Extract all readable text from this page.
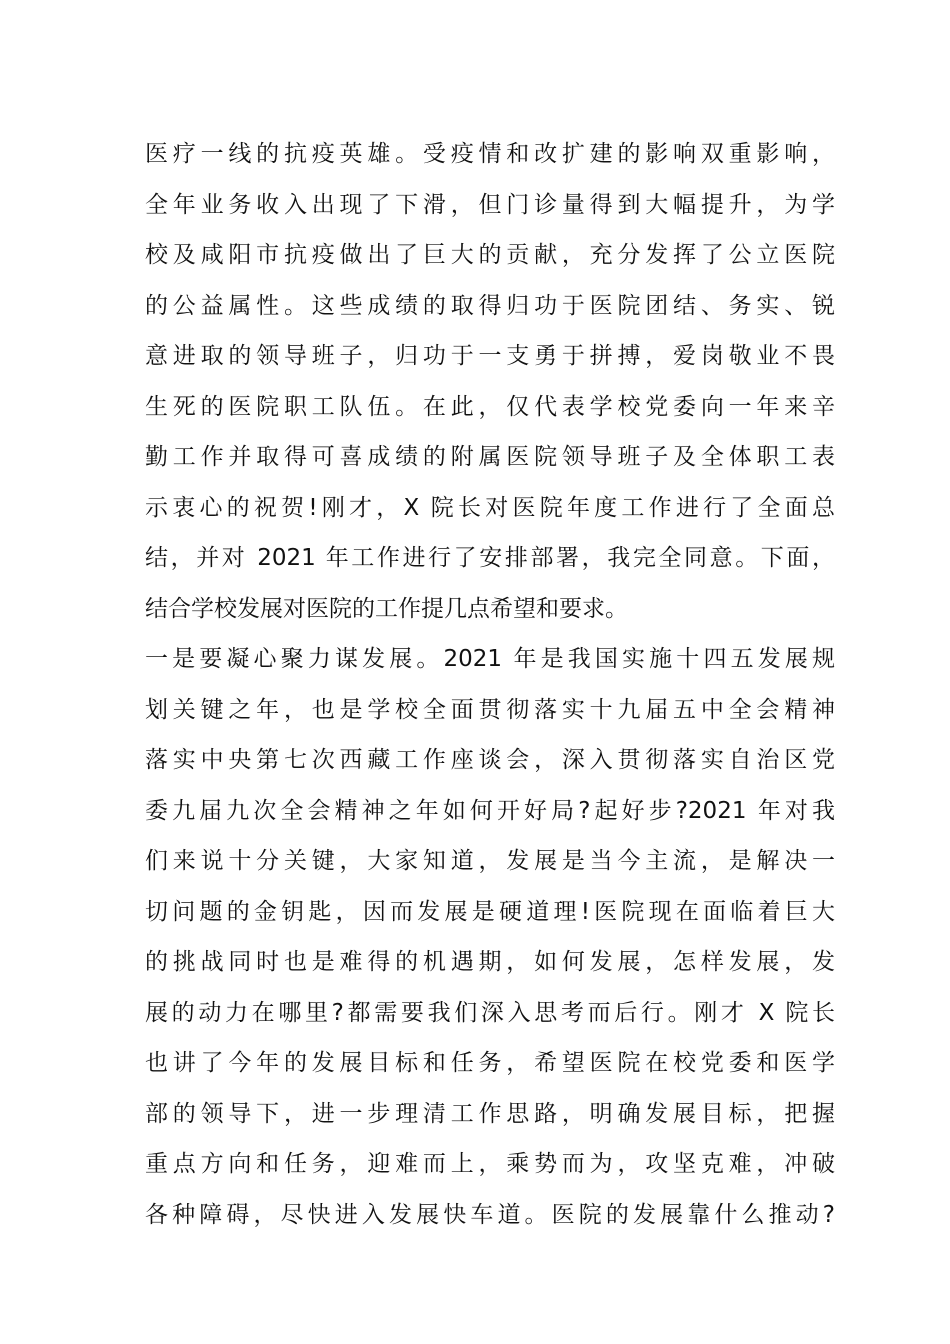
医疗一线的抗疫英雄。受疫情和改扩建的影响双重影响，
全年业务收入出现了下滑，但门诊量得到大幅提升，为学
校及咸阳市抗疫做出了巨大的贡献，充分发挥了公立医院
的公益属性。这些成绩的取得归功于医院团结、务实、锐
意进取的领导班子，归功于一支勇于拼搏，爱岗敬业不畏
生死的医院职工队伍。在此，仅代表学校党委向一年来辛
勤工作并取得可喜成绩的附属医院领导班子及全体职工表
示衷心的祝贺!刚才，X 院长对医院年度工作进行了全面总
结，并对 2021 年工作进行了安排部署，我完全同意。下面，
结合学校发展对医院的工作提几点希望和要求。
一是要凝心聚力谋发展。2021 年是我国实施十四五发展规
划关键之年，也是学校全面贯彻落实十九届五中全会精神
落实中央第七次西藏工作座谈会，深入贯彻落实自治区党
委九届九次全会精神之年如何开好局?起好步?2021 年对我
们来说十分关键，大家知道，发展是当今主流，是解决一
切问题的金钥匙，因而发展是硬道理!医院现在面临着巨大
的挑战同时也是难得的机遇期，如何发展，怎样发展，发
展的动力在哪里?都需要我们深入思考而后行。刚才 X 院长
也讲了今年的发展目标和任务，希望医院在校党委和医学
部的领导下，进一步理清工作思路，明确发展目标，把握
重点方向和任务，迎难而上，乘势而为，攻坚克难，冲破
各种障碍，尽快进入发展快车道。医院的发展靠什么推动?
